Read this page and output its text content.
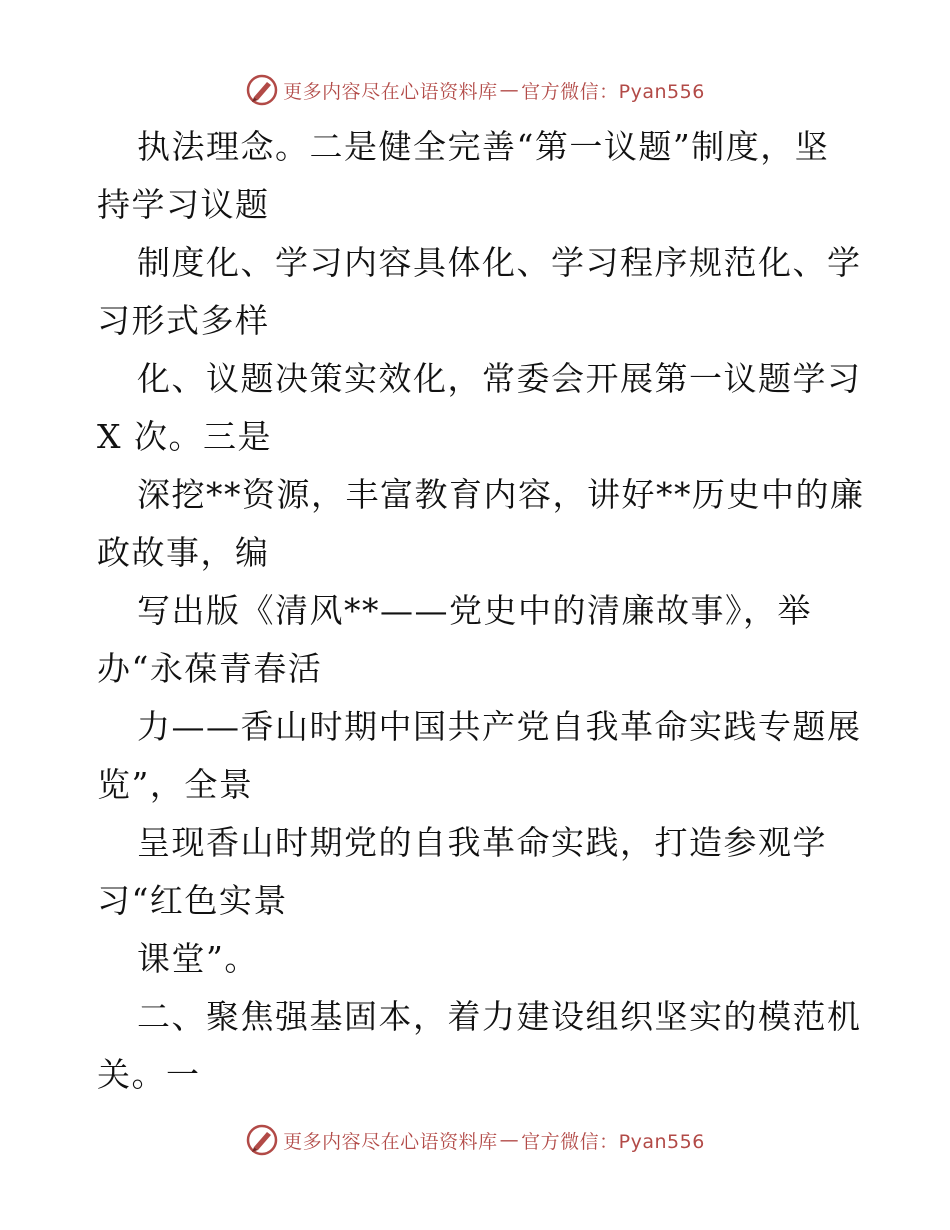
更多内容尽在心语资料库 — 官方微信：Pyan556
执法理念。二是健全完善“第一议题”制度，坚
持学习议题
制度化、学习内容具体化、学习程序规范化、学
习形式多样
化、议题决策实效化，常委会开展第一议题学习
X 次。三是
深挖**资源，丰富教育内容，讲好**历史中的廉
政故事，编
写出版《清风**——党史中的清廉故事》，举
办“永葆青春活
力——香山时期中国共产党自我革命实践专题展
览”，全景
呈现香山时期党的自我革命实践，打造参观学
习“红色实景
课堂”。
二、聚焦强基固本，着力建设组织坚实的模范机
关。一
更多内容尽在心语资料库 — 官方微信：Pyan556
